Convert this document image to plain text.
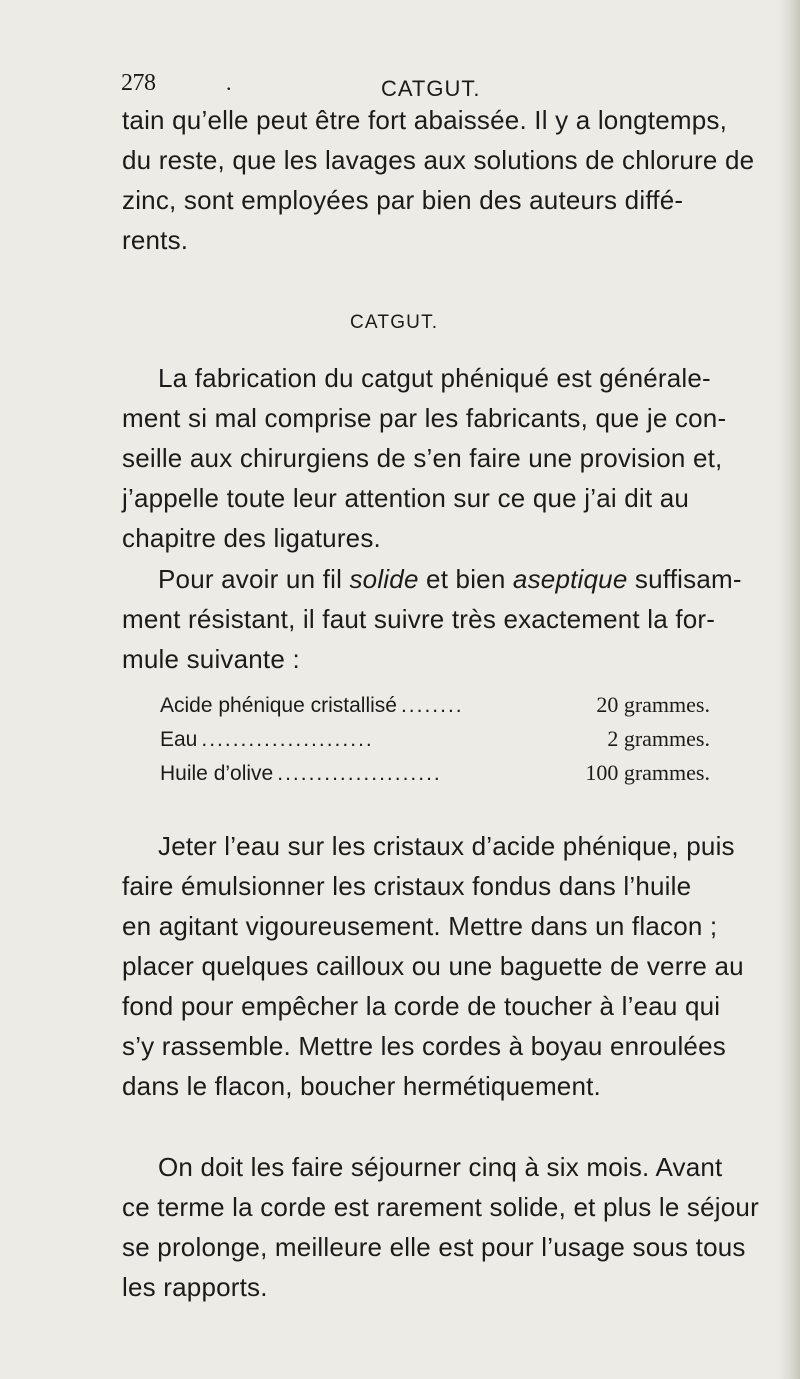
278	.	CATGUT.

tain qu’elle peut être fort abaissée. Il y a longtemps,
du reste, que les lavages aux solutions de chlorure de
zinc, sont employées par bien des auteurs diffé-
rents.

CATGUT.

La fabrication du catgut phéniqué est générale-
ment si mal comprise par les fabricants, que je con-
seille aux chirurgiens de s’en faire une provision et,
j’appelle toute leur attention sur ce que j’ai dit au
chapitre des ligatures.

Pour avoir un fil solide et bien aseptique suffisam-
ment résistant, il faut suivre très exactement la for-
mule suivante :

Acide phénique cristallisé ........	20 grammes.
Eau ......................	2 grammes.
Huile d’olive .....................	100 grammes.

Jeter l’eau sur les cristaux d’acide phénique, puis
faire émulsionner les cristaux fondus dans l’huile
en agitant vigoureusement. Mettre dans un flacon ;
placer quelques cailloux ou une baguette de verre au
fond pour empêcher la corde de toucher à l’eau qui
s’y rassemble. Mettre les cordes à boyau enroulées
dans le flacon, boucher hermétiquement.

On doit les faire séjourner cinq à six mois. Avant
ce terme la corde est rarement solide, et plus le séjour
se prolonge, meilleure elle est pour l’usage sous tous
les rapports.
